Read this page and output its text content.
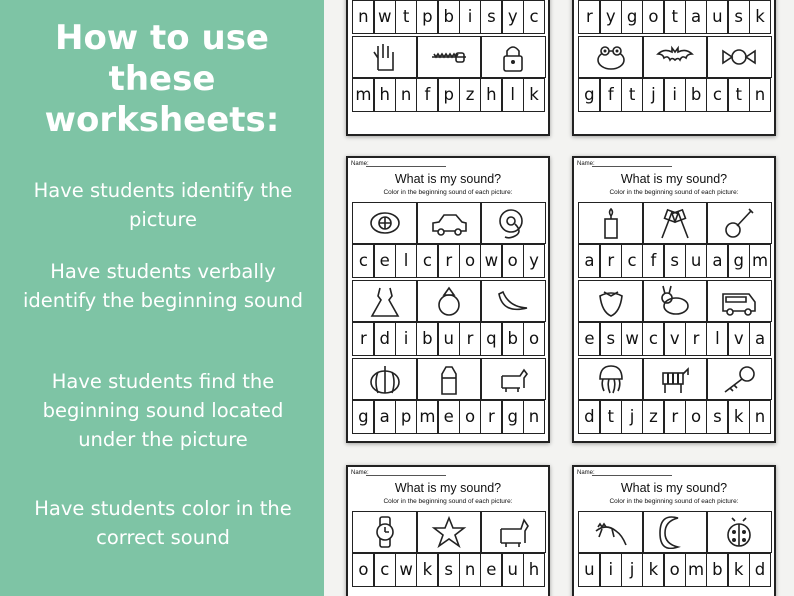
How to use these worksheets:
Have students identify the picture
Have students verbally identify the beginning sound
Have students find the beginning sound located under the picture
Have students color in the correct sound
n w t p b i s y c
m h n f p z h l k
r y g o t a u s k
g f t j	i b c t n
Name:
What is my sound?
Color in the beginning sound of each picture:
c e l c r o w o y
r d i b u r q b o
g a p m e o r g n
Name:
What is my sound?
Color in the beginning sound of each picture:
a r c f s u a g m
e s w c v r l v a
d t j z r o s k n
Name:
What is my sound?
Color in the beginning sound of each picture:
o c w k s n e u h
Name:
What is my sound?
Color in the beginning sound of each picture:
u i	j k o m b k d
